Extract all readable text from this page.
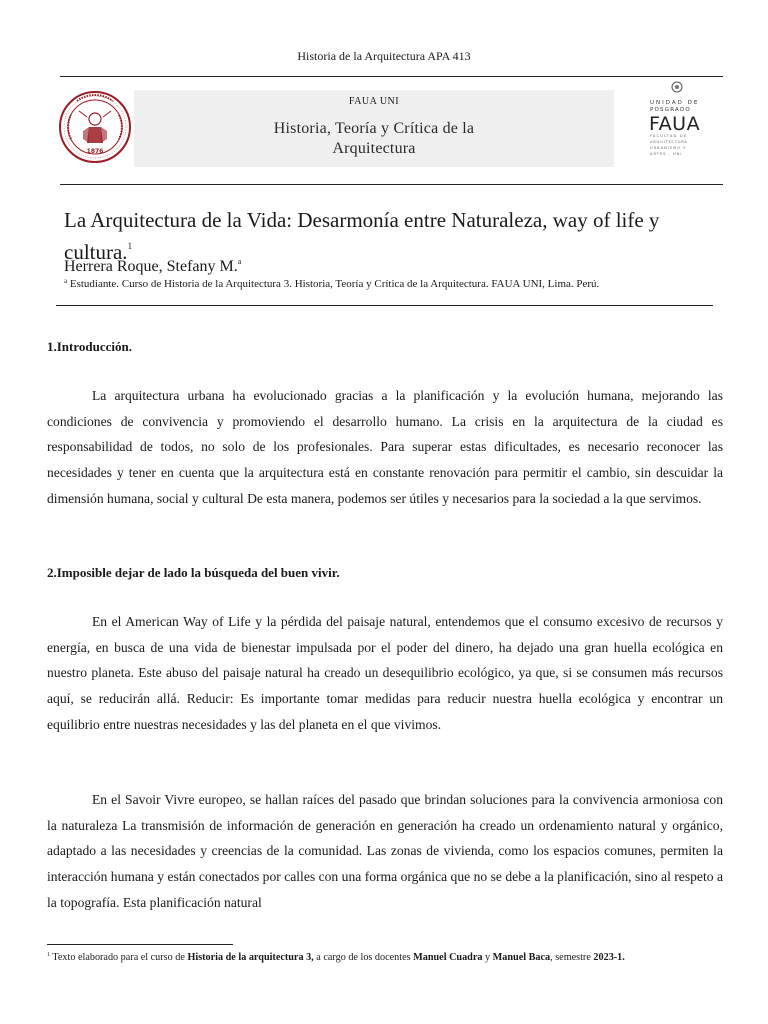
Historia de la Arquitectura APA 413
1876
FAUA UNI
Historia, Teoría y Crítica de la
Arquitectura
UNIDAD DE
POSGRADO
FAUA
FACULTAD DE
ARQUITECTURA
URBANISMO Y
ARTES - UNI
La Arquitectura de la Vida: Desarmonía entre Naturaleza, way of life y
cultura.$^1$
Herrera Roque, Stefany M.$^a$
$^a$ Estudiante. Curso de Historia de la Arquitectura 3. Historia, Teoría y Crítica de la Arquitectura. FAUA UNI, Lima. Perú.
1.Introducción.
La arquitectura urbana ha evolucionado gracias a la planificación y la evolución humana, mejorando las condiciones de convivencia y promoviendo el desarrollo humano. La crisis en la arquitectura de la ciudad es responsabilidad de todos, no solo de los profesionales. Para superar estas dificultades, es necesario reconocer las necesidades y tener en cuenta que la arquitectura está en constante renovación para permitir el cambio, sin descuidar la dimensión humana, social y cultural De esta manera, podemos ser útiles y necesarios para la sociedad a la que servimos.
2.Imposible dejar de lado la búsqueda del buen vivir.
En el American Way of Life y la pérdida del paisaje natural, entendemos que el consumo excesivo de recursos y energía, en busca de una vida de bienestar impulsada por el poder del dinero, ha dejado una gran huella ecológica en nuestro planeta. Este abuso del paisaje natural ha creado un desequilibrio ecológico, ya que, si se consumen más recursos aquí, se reducirán allá. Reducir: Es importante tomar medidas para reducir nuestra huella ecológica y encontrar un equilibrio entre nuestras necesidades y las del planeta en el que vivimos.
En el Savoir Vivre europeo, se hallan raíces del pasado que brindan soluciones para la convivencia armoniosa con la naturaleza La transmisión de información de generación en generación ha creado un ordenamiento natural y orgánico, adaptado a las necesidades y creencias de la comunidad. Las zonas de vivienda, como los espacios comunes, permiten la interacción humana y están conectados por calles con una forma orgánica que no se debe a la planificación, sino al respeto a la topografía. Esta planificación natural
$^1$ Texto elaborado para el curso de Historia de la arquitectura 3, a cargo de los docentes Manuel Cuadra y Manuel Baca, semestre 2023-1.
